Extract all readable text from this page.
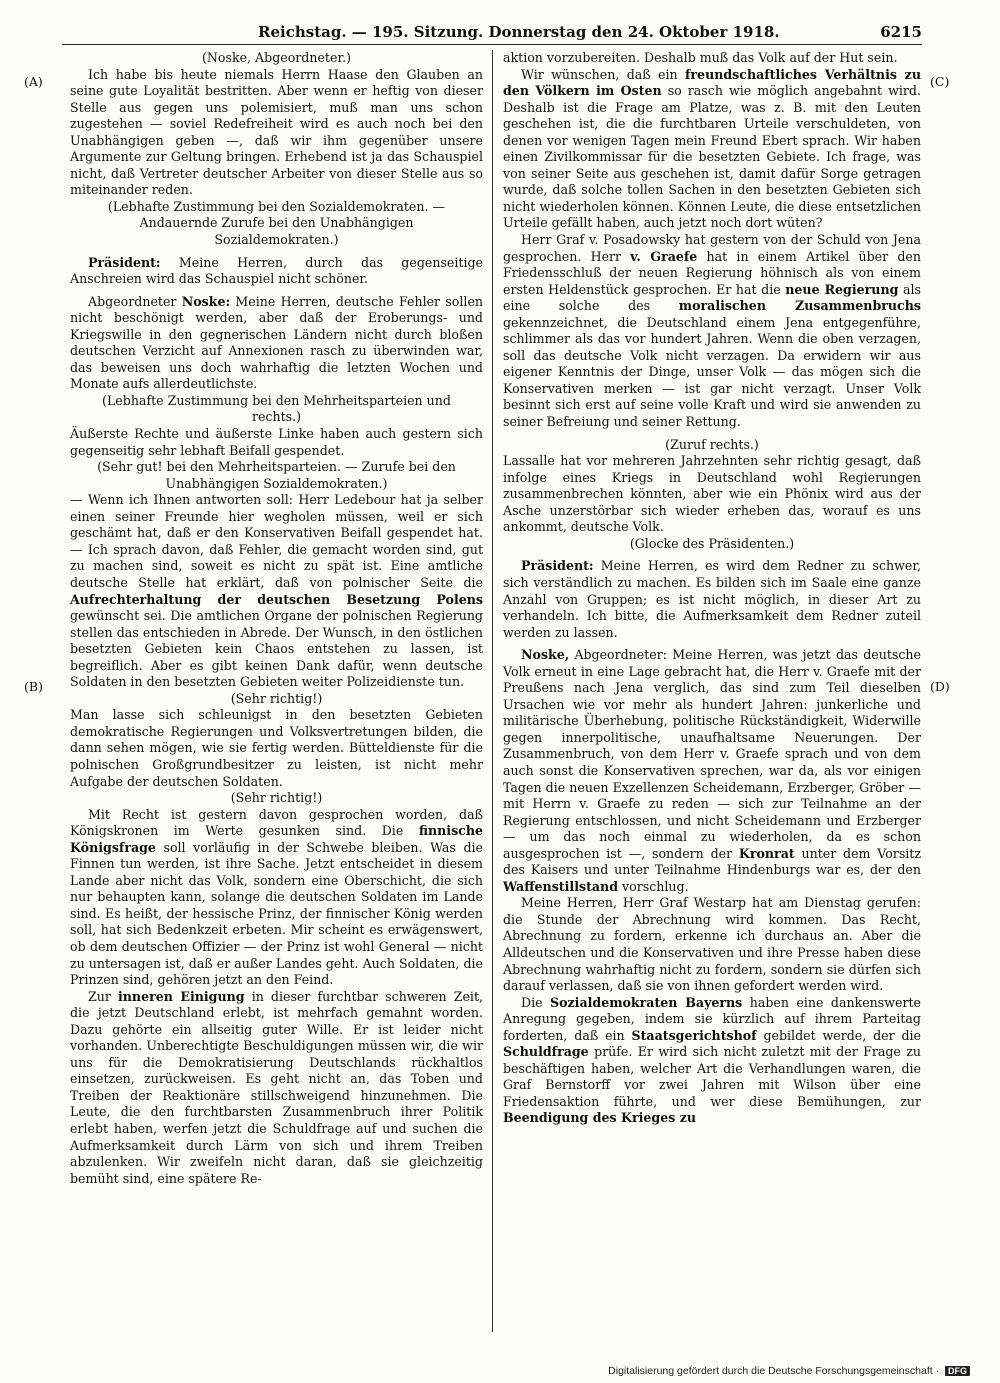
Reichstag. — 195. Sitzung. Donnerstag den 24. Oktober 1918.	6215
(A)
(B)
(C)
(D)

(Noske, Abgeordneter.)

Ich habe bis heute niemals Herrn Haase den Glauben an seine gute Loyalität bestritten. Aber wenn er heftig von dieser Stelle aus gegen uns polemisiert, muß man uns schon zugestehen — soviel Redefreiheit wird es auch noch bei den Unabhängigen geben —, daß wir ihm gegenüber unsere Argumente zur Geltung bringen. Erhebend ist ja das Schauspiel nicht, daß Vertreter deutscher Arbeiter von dieser Stelle aus so miteinander reden.

(Lebhafte Zustimmung bei den Sozialdemokraten. — Andauernde Zurufe bei den Unabhängigen Sozialdemokraten.)

Präsident: Meine Herren, durch das gegenseitige Anschreien wird das Schauspiel nicht schöner.

Abgeordneter Noske: Meine Herren, deutsche Fehler sollen nicht beschönigt werden, aber daß der Eroberungs- und Kriegswille in den gegnerischen Ländern nicht durch bloßen deutschen Verzicht auf Annexionen rasch zu überwinden war, das beweisen uns doch wahrhaftig die letzten Wochen und Monate aufs allerdeutlichste.

(Lebhafte Zustimmung bei den Mehrheitsparteien und rechts.)

Äußerste Rechte und äußerste Linke haben auch gestern sich gegenseitig sehr lebhaft Beifall gespendet.

(Sehr gut! bei den Mehrheitsparteien. — Zurufe bei den Unabhängigen Sozialdemokraten.)

— Wenn ich Ihnen antworten soll: Herr Ledebour hat ja selber einen seiner Freunde hier wegholen müssen, weil er sich geschämt hat, daß er den Konservativen Beifall gespendet hat. — Ich sprach davon, daß Fehler, die gemacht worden sind, gut zu machen sind, soweit es nicht zu spät ist. Eine amtliche deutsche Stelle hat erklärt, daß von polnischer Seite die Aufrechterhaltung der deutschen Besetzung Polens gewünscht sei. Die amtlichen Organe der polnischen Regierung stellen das entschieden in Abrede. Der Wunsch, in den östlichen besetzten Gebieten kein Chaos entstehen zu lassen, ist begreiflich. Aber es gibt keinen Dank dafür, wenn deutsche Soldaten in den besetzten Gebieten weiter Polizeidienste tun.

(Sehr richtig!)

Man lasse sich schleunigst in den besetzten Gebieten demokratische Regierungen und Volksvertretungen bilden, die dann sehen mögen, wie sie fertig werden. Bütteldienste für die polnischen Großgrundbesitzer zu leisten, ist nicht mehr Aufgabe der deutschen Soldaten.

(Sehr richtig!)

Mit Recht ist gestern davon gesprochen worden, daß Königskronen im Werte gesunken sind. Die finnische Königsfrage soll vorläufig in der Schwebe bleiben. Was die Finnen tun werden, ist ihre Sache. Jetzt entscheidet in diesem Lande aber nicht das Volk, sondern eine Oberschicht, die sich nur behaupten kann, solange die deutschen Soldaten im Lande sind. Es heißt, der hessische Prinz, der finnischer König werden soll, hat sich Bedenkzeit erbeten. Mir scheint es erwägenswert, ob dem deutschen Offizier — der Prinz ist wohl General — nicht zu untersagen ist, daß er außer Landes geht. Auch Soldaten, die Prinzen sind, gehören jetzt an den Feind.

Zur inneren Einigung in dieser furchtbar schweren Zeit, die jetzt Deutschland erlebt, ist mehrfach gemahnt worden. Dazu gehörte ein allseitig guter Wille. Er ist leider nicht vorhanden. Unberechtigte Beschuldigungen müssen wir, die wir uns für die Demokratisierung Deutschlands rückhaltlos einsetzen, zurückweisen. Es geht nicht an, das Toben und Treiben der Reaktionäre stillschweigend hinzunehmen. Die Leute, die den furchtbarsten Zusammenbruch ihrer Politik erlebt haben, werfen jetzt die Schuldfrage auf und suchen die Aufmerksamkeit durch Lärm von sich und ihrem Treiben abzulenken. Wir zweifeln nicht daran, daß sie gleichzeitig bemüht sind, eine spätere Re-

aktion vorzubereiten. Deshalb muß das Volk auf der Hut sein.

Wir wünschen, daß ein freundschaftliches Verhältnis zu den Völkern im Osten so rasch wie möglich angebahnt wird. Deshalb ist die Frage am Platze, was z. B. mit den Leuten geschehen ist, die die furchtbaren Urteile verschuldeten, von denen vor wenigen Tagen mein Freund Ebert sprach. Wir haben einen Zivilkommissar für die besetzten Gebiete. Ich frage, was von seiner Seite aus geschehen ist, damit dafür Sorge getragen wurde, daß solche tollen Sachen in den besetzten Gebieten sich nicht wiederholen können. Können Leute, die diese entsetzlichen Urteile gefällt haben, auch jetzt noch dort wüten?

Herr Graf v. Posadowsky hat gestern von der Schuld von Jena gesprochen. Herr v. Graefe hat in einem Artikel über den Friedensschluß der neuen Regierung höhnisch als von einem ersten Heldenstück gesprochen. Er hat die neue Regierung als eine solche des moralischen Zusammenbruchs gekennzeichnet, die Deutschland einem Jena entgegenführe, schlimmer als das vor hundert Jahren. Wenn die oben verzagen, soll das deutsche Volk nicht verzagen. Da erwidern wir aus eigener Kenntnis der Dinge, unser Volk — das mögen sich die Konservativen merken — ist gar nicht verzagt. Unser Volk besinnt sich erst auf seine volle Kraft und wird sie anwenden zu seiner Befreiung und seiner Rettung.

(Zuruf rechts.)

Lassalle hat vor mehreren Jahrzehnten sehr richtig gesagt, daß infolge eines Kriegs in Deutschland wohl Regierungen zusammenbrechen könnten, aber wie ein Phönix wird aus der Asche unzerstörbar sich wieder erheben das, worauf es uns ankommt, deutsche Volk.

(Glocke des Präsidenten.)

Präsident: Meine Herren, es wird dem Redner zu schwer, sich verständlich zu machen. Es bilden sich im Saale eine ganze Anzahl von Gruppen; es ist nicht möglich, in dieser Art zu verhandeln. Ich bitte, die Aufmerksamkeit dem Redner zuteil werden zu lassen.

Noske, Abgeordneter: Meine Herren, was jetzt das deutsche Volk erneut in eine Lage gebracht hat, die Herr v. Graefe mit der Preußens nach Jena verglich, das sind zum Teil dieselben Ursachen wie vor mehr als hundert Jahren: junkerliche und militärische Überhebung, politische Rückständigkeit, Widerwille gegen innerpolitische, unaufhaltsame Neuerungen. Der Zusammenbruch, von dem Herr v. Graefe sprach und von dem auch sonst die Konservativen sprechen, war da, als vor einigen Tagen die neuen Exzellenzen Scheidemann, Erzberger, Gröber — mit Herrn v. Graefe zu reden — sich zur Teilnahme an der Regierung entschlossen, und nicht Scheidemann und Erzberger — um das noch einmal zu wiederholen, da es schon ausgesprochen ist —, sondern der Kronrat unter dem Vorsitz des Kaisers und unter Teilnahme Hindenburgs war es, der den Waffenstillstand vorschlug.

Meine Herren, Herr Graf Westarp hat am Dienstag gerufen: die Stunde der Abrechnung wird kommen. Das Recht, Abrechnung zu fordern, erkenne ich durchaus an. Aber die Alldeutschen und die Konservativen und ihre Presse haben diese Abrechnung wahrhaftig nicht zu fordern, sondern sie dürfen sich darauf verlassen, daß sie von ihnen gefordert werden wird.

Die Sozialdemokraten Bayerns haben eine dankenswerte Anregung gegeben, indem sie kürzlich auf ihrem Parteitag forderten, daß ein Staatsgerichtshof gebildet werde, der die Schuldfrage prüfe. Er wird sich nicht zuletzt mit der Frage zu beschäftigen haben, welcher Art die Verhandlungen waren, die Graf Bernstorff vor zwei Jahren mit Wilson über eine Friedensaktion führte, und wer diese Bemühungen, zur Beendigung des Krieges zu

Digitalisierung gefördert durch die Deutsche Forschungsgemeinschaft · DFG
